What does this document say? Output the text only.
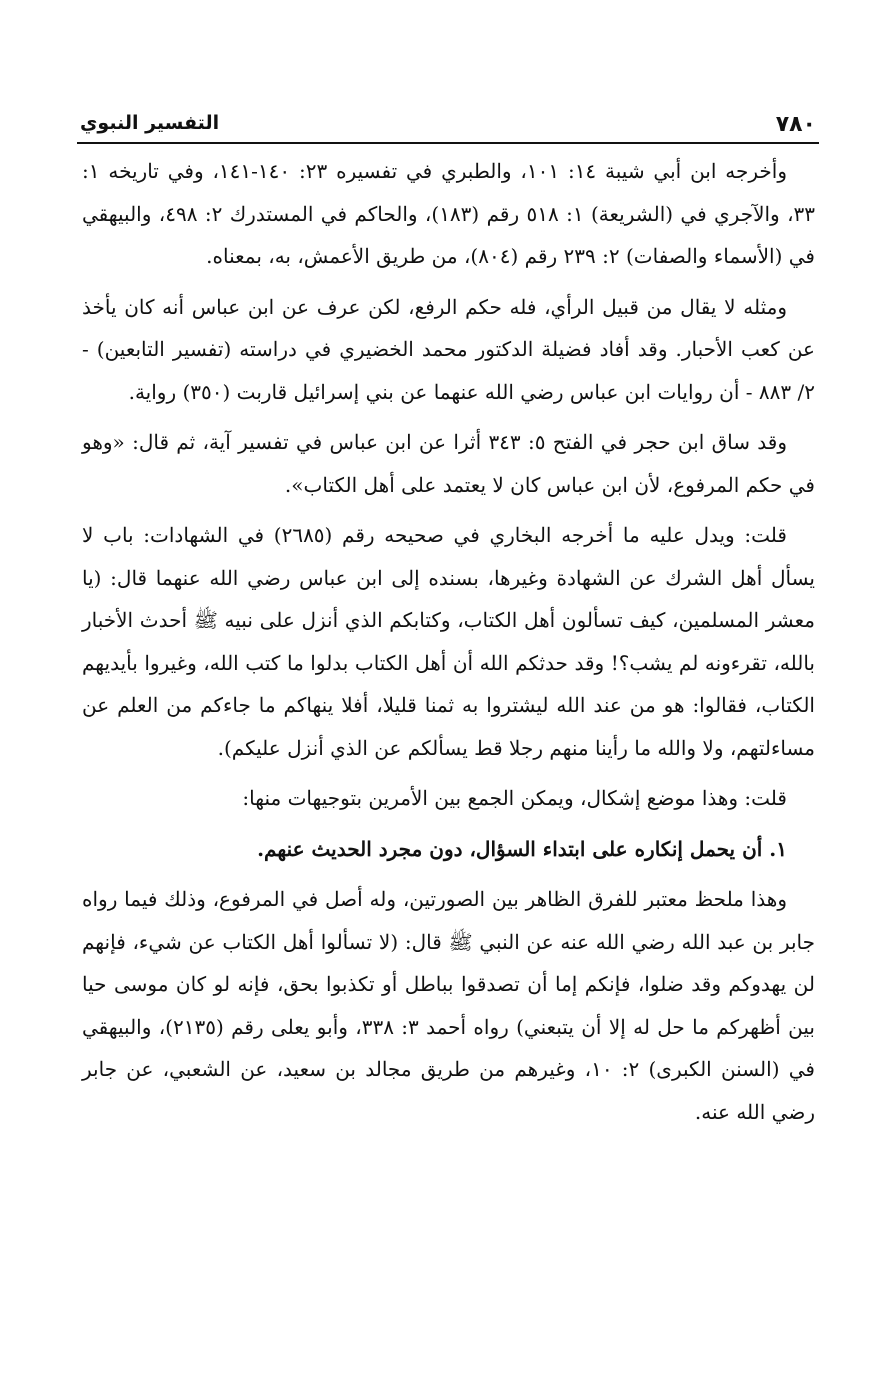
٧٨٠
التفسير النبوي

وأخرجه ابن أبي شيبة ١٤: ١٠١، والطبري في تفسيره ٢٣: ١٤٠-١٤١، وفي تاريخه ١: ٣٣، والآجري في (الشريعة) ١: ٥١٨ رقم (١٨٣)، والحاكم في المستدرك ٢: ٤٩٨، والبيهقي في (الأسماء والصفات) ٢: ٢٣٩ رقم (٨٠٤)، من طريق الأعمش، به، بمعناه.

ومثله لا يقال من قبيل الرأي، فله حكم الرفع، لكن عرف عن ابن عباس أنه كان يأخذ عن كعب الأحبار. وقد أفاد فضيلة الدكتور محمد الخضيري في دراسته (تفسير التابعين) - ٢/ ٨٨٣ - أن روايات ابن عباس رضي الله عنهما عن بني إسرائيل قاربت (٣٥٠) رواية.

وقد ساق ابن حجر في الفتح ٥: ٣٤٣ أثرا عن ابن عباس في تفسير آية، ثم قال: «وهو في حكم المرفوع، لأن ابن عباس كان لا يعتمد على أهل الكتاب».

قلت: ويدل عليه ما أخرجه البخاري في صحيحه رقم (٢٦٨٥) في الشهادات: باب لا يسأل أهل الشرك عن الشهادة وغيرها، بسنده إلى ابن عباس رضي الله عنهما قال: (يا معشر المسلمين، كيف تسألون أهل الكتاب، وكتابكم الذي أنزل على نبيه ﷺ أحدث الأخبار بالله، تقرءونه لم يشب؟! وقد حدثكم الله أن أهل الكتاب بدلوا ما كتب الله، وغيروا بأيديهم الكتاب، فقالوا: هو من عند الله ليشتروا به ثمنا قليلا، أفلا ينهاكم ما جاءكم من العلم عن مساءلتهم، ولا والله ما رأينا منهم رجلا قط يسألكم عن الذي أنزل عليكم).

قلت: وهذا موضع إشكال، ويمكن الجمع بين الأمرين بتوجيهات منها:

١. أن يحمل إنكاره على ابتداء السؤال، دون مجرد الحديث عنهم.

وهذا ملحظ معتبر للفرق الظاهر بين الصورتين، وله أصل في المرفوع، وذلك فيما رواه جابر بن عبد الله رضي الله عنه عن النبي ﷺ قال: (لا تسألوا أهل الكتاب عن شيء، فإنهم لن يهدوكم وقد ضلوا، فإنكم إما أن تصدقوا بباطل أو تكذبوا بحق، فإنه لو كان موسى حيا بين أظهركم ما حل له إلا أن يتبعني) رواه أحمد ٣: ٣٣٨، وأبو يعلى رقم (٢١٣٥)، والبيهقي في (السنن الكبرى) ٢: ١٠، وغيرهم من طريق مجالد بن سعيد، عن الشعبي، عن جابر رضي الله عنه.
